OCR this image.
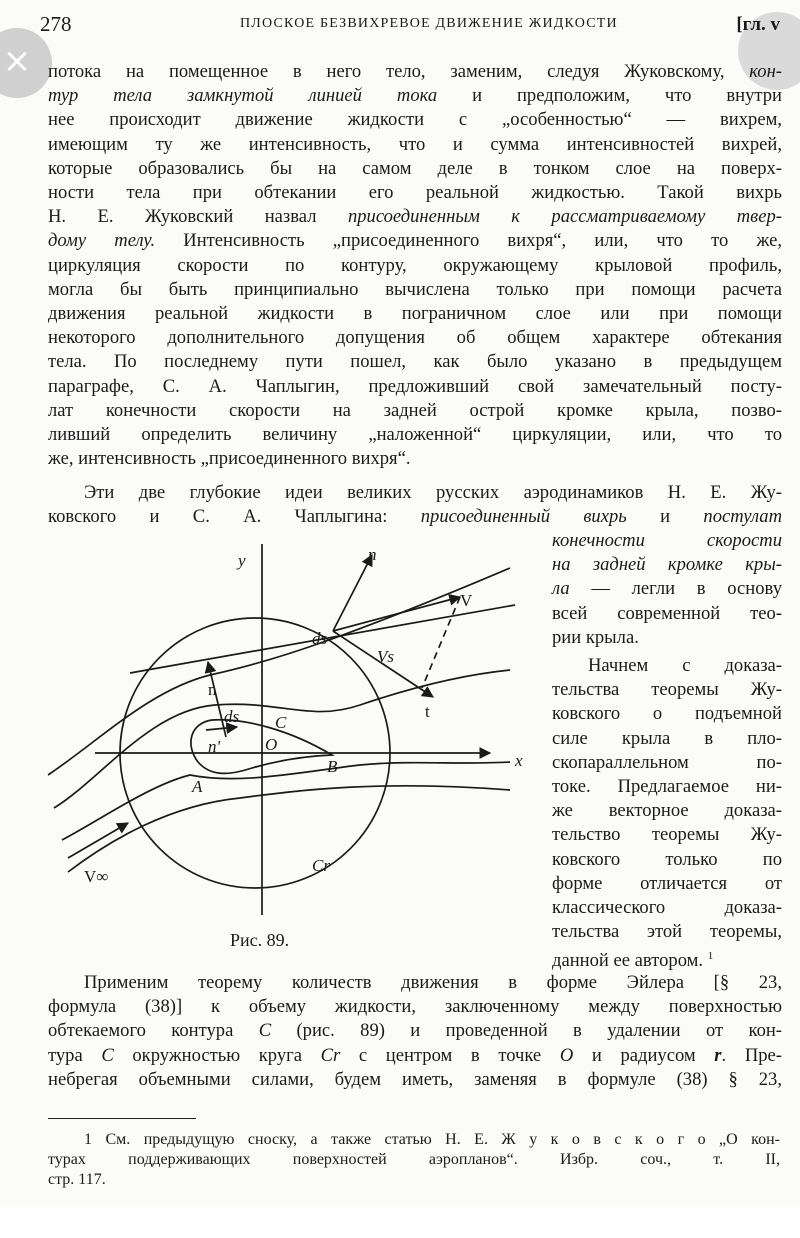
×
278	ПЛОСКОЕ БЕЗВИХРЕВОЕ ДВИЖЕНИЕ ЖИДКОСТИ	[гл. v
потока на помещенное в него тело, заменим, следуя Жуковскому, кон-
тур тела замкнутой линией тока и предположим, что внутри
нее происходит движение жидкости с „особенностью“ — вихрем,
имеющим ту же интенсивность, что и сумма интенсивностей вихрей,
которые образовались бы на самом деле в тонком слое на поверх-
ности тела при обтекании его реальной жидкостью. Такой вихрь
Н. Е. Жуковский назвал присоединенным к рассматриваемому твер-
дому телу. Интенсивность „присоединенного вихря“, или, что то же,
циркуляция скорости по контуру, окружающему крыловой профиль,
могла бы быть принципиально вычислена только при помощи расчета
движения реальной жидкости в пограничном слое или при помощи
некоторого дополнительного допущения об общем характере обтекания
тела. По последнему пути пошел, как было указано в предыдущем
параграфе, С. А. Чаплыгин, предложивший свой замечательный посту-
лат конечности скорости на задней острой кромке крыла, позво-
ливший определить величину „наложенной“ циркуляции, или, что то
же, интенсивность „присоединенного вихря“.
Эти две глубокие идеи великих русских аэродинамиков Н. Е. Жу-
ковского и С. А. Чаплыгина: присоединенный вихрь и постулат
конечности скорости
на задней кромке кры-
ла — легли в основу
всей современной тео-
рии крыла.
Начнем с доказа-
тельства теоремы Жу-
ковского о подъемной
силе крыла в пло-
скопараллельном по-
токе. Предлагаемое ни-
же векторное доказа-
тельство теоремы Жу-
ковского только по
форме отличается от
классического доказа-
тельства этой теоремы,
данной ее автором. $^1$
y
x
n
V
ds
Vs
t
n
ds C
O
n'
A
B
Cr
V∞
Рис. 89.
Применим теорему количеств движения в форме Эйлера [§ 23,
формула (38)] к объему жидкости, заключенному между поверхностью
обтекаемого контура C (рис. 89) и проведенной в удалении от кон-
тура C окружностью круга Cr с центром в точке O и радиусом r. Пре-
небрегая объемными силами, будем иметь, заменяя в формуле (38) § 23,
1 См. предыдущую сноску, а также статью Н. Е. Ж у к о в с к о г о „О кон-
турах поддерживающих поверхностей аэропланов“. Избр. соч., т. II,
стр. 117.
